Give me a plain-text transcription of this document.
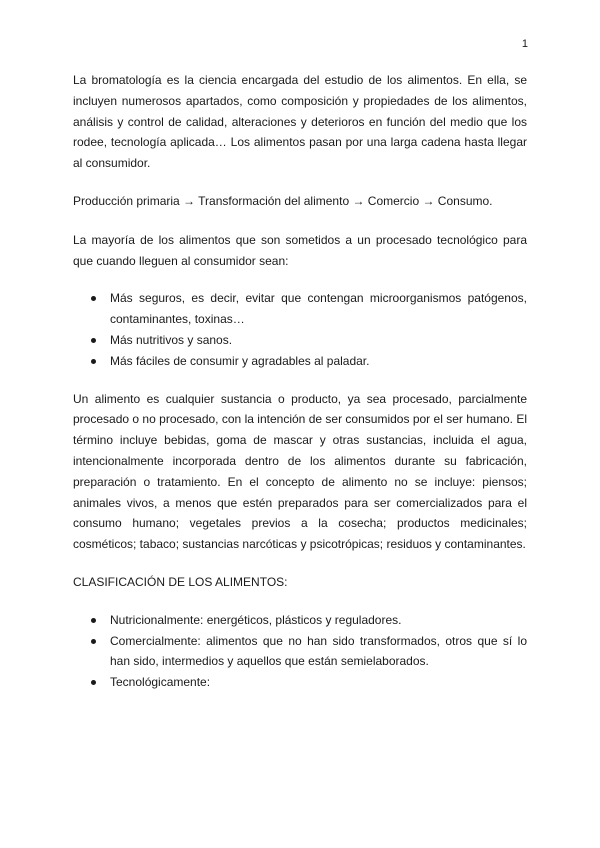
1

La bromatología es la ciencia encargada del estudio de los alimentos. En ella, se incluyen numerosos apartados, como composición y propiedades de los alimentos, análisis y control de calidad, alteraciones y deterioros en función del medio que los rodee, tecnología aplicada… Los alimentos pasan por una larga cadena hasta llegar al consumidor.

Producción primaria → Transformación del alimento → Comercio → Consumo.

La mayoría de los alimentos que son sometidos a un procesado tecnológico para que cuando lleguen al consumidor sean:

Más seguros, es decir, evitar que contengan microorganismos patógenos, contaminantes, toxinas…
Más nutritivos y sanos.
Más fáciles de consumir y agradables al paladar.

Un alimento es cualquier sustancia o producto, ya sea procesado, parcialmente procesado o no procesado, con la intención de ser consumidos por el ser humano. El término incluye bebidas, goma de mascar y otras sustancias, incluida el agua, intencionalmente incorporada dentro de los alimentos durante su fabricación, preparación o tratamiento. En el concepto de alimento no se incluye: piensos; animales vivos, a menos que estén preparados para ser comercializados para el consumo humano; vegetales previos a la cosecha; productos medicinales; cosméticos; tabaco; sustancias narcóticas y psicotrópicas; residuos y contaminantes.

CLASIFICACIÓN DE LOS ALIMENTOS:

Nutricionalmente: energéticos, plásticos y reguladores.
Comercialmente: alimentos que no han sido transformados, otros que sí lo han sido, intermedios y aquellos que están semielaborados.
Tecnológicamente:
